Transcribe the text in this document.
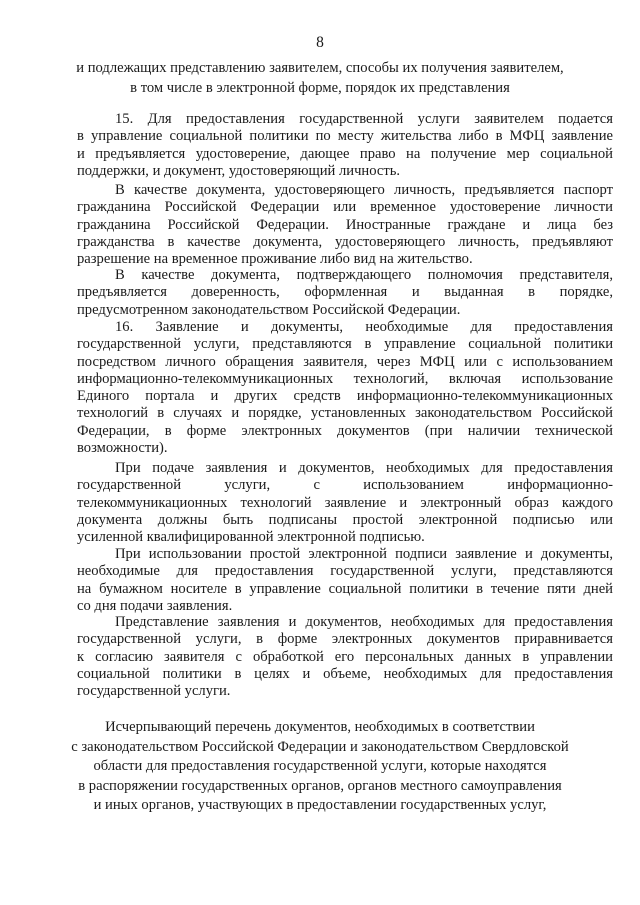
8
и подлежащих представлению заявителем, способы их получения заявителем,
в том числе в электронной форме, порядок их представления
15. Для предоставления государственной услуги заявителем подается
в управление социальной политики по месту жительства либо в МФЦ заявление
и предъявляется удостоверение, дающее право на получение мер социальной
поддержки, и документ, удостоверяющий личность.
В качестве документа, удостоверяющего личность, предъявляется паспорт
гражданина Российской Федерации или временное удостоверение личности
гражданина Российской Федерации. Иностранные граждане и лица без
гражданства в качестве документа, удостоверяющего личность, предъявляют
разрешение на временное проживание либо вид на жительство.
В качестве документа, подтверждающего полномочия представителя,
предъявляется доверенность, оформленная и выданная в порядке,
предусмотренном законодательством Российской Федерации.
16. Заявление и документы, необходимые для предоставления
государственной услуги, представляются в управление социальной политики
посредством личного обращения заявителя, через МФЦ или с использованием
информационно-телекоммуникационных технологий, включая использование
Единого портала и других средств информационно-телекоммуникационных
технологий в случаях и порядке, установленных законодательством Российской
Федерации, в форме электронных документов (при наличии технической
возможности).
При подаче заявления и документов, необходимых для предоставления
государственной услуги, с использованием информационно-
телекоммуникационных технологий заявление и электронный образ каждого
документа должны быть подписаны простой электронной подписью или
усиленной квалифицированной электронной подписью.
При использовании простой электронной подписи заявление и документы,
необходимые для предоставления государственной услуги, представляются
на бумажном носителе в управление социальной политики в течение пяти дней
со дня подачи заявления.
Представление заявления и документов, необходимых для предоставления
государственной услуги, в форме электронных документов приравнивается
к согласию заявителя с обработкой его персональных данных в управлении
социальной политики в целях и объеме, необходимых для предоставления
государственной услуги.
Исчерпывающий перечень документов, необходимых в соответствии
с законодательством Российской Федерации и законодательством Свердловской
области для предоставления государственной услуги, которые находятся
в распоряжении государственных органов, органов местного самоуправления
и иных органов, участвующих в предоставлении государственных услуг,
